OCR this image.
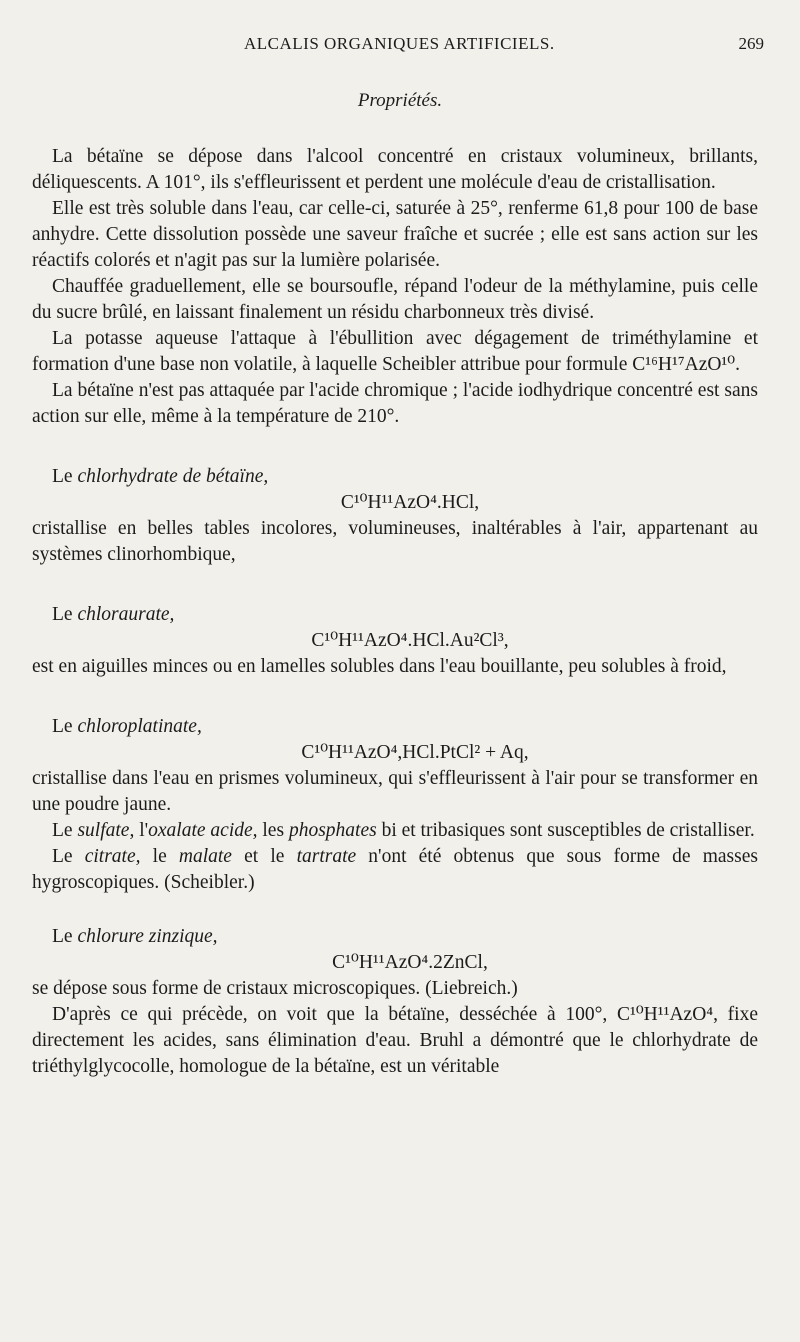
ALCALIS ORGANIQUES ARTIFICIELS.	269
Propriétés.

La bétaïne se dépose dans l'alcool concentré en cristaux volumineux, brillants, déliquescents. A 101°, ils s'effleurissent et perdent une molécule d'eau de cristallisation.

Elle est très soluble dans l'eau, car celle-ci, saturée à 25°, renferme 61,8 pour 100 de base anhydre. Cette dissolution possède une saveur fraîche et sucrée ; elle est sans action sur les réactifs colorés et n'agit pas sur la lumière polarisée.

Chauffée graduellement, elle se boursoufle, répand l'odeur de la méthylamine, puis celle du sucre brûlé, en laissant finalement un résidu charbonneux très divisé.

La potasse aqueuse l'attaque à l'ébullition avec dégagement de triméthylamine et formation d'une base non volatile, à laquelle Scheibler attribue pour formule C¹⁶H¹⁷AzO¹⁰.

La bétaïne n'est pas attaquée par l'acide chromique ; l'acide iodhydrique concentré est sans action sur elle, même à la température de 210°.

Le chlorhydrate de bétaïne,

C¹⁰H¹¹AzO⁴.HCl,

cristallise en belles tables incolores, volumineuses, inaltérables à l'air, appartenant au systèmes clinorhombique,

Le chloraurate,

C¹⁰H¹¹AzO⁴.HCl.Au²Cl³,

est en aiguilles minces ou en lamelles solubles dans l'eau bouillante, peu solubles à froid,

Le chloroplatinate,

C¹⁰H¹¹AzO⁴,HCl.PtCl² + Aq,

cristallise dans l'eau en prismes volumineux, qui s'effleurissent à l'air pour se transformer en une poudre jaune.

Le sulfate, l'oxalate acide, les phosphates bi et tribasiques sont susceptibles de cristalliser.

Le citrate, le malate et le tartrate n'ont été obtenus que sous forme de masses hygroscopiques. (Scheibler.)

Le chlorure zinzique,

C¹⁰H¹¹AzO⁴.2ZnCl,

se dépose sous forme de cristaux microscopiques. (Liebreich.)

D'après ce qui précède, on voit que la bétaïne, desséchée à 100°, C¹⁰H¹¹AzO⁴, fixe directement les acides, sans élimination d'eau. Bruhl a démontré que le chlorhydrate de triéthylglycocolle, homologue de la bétaïne, est un véritable
